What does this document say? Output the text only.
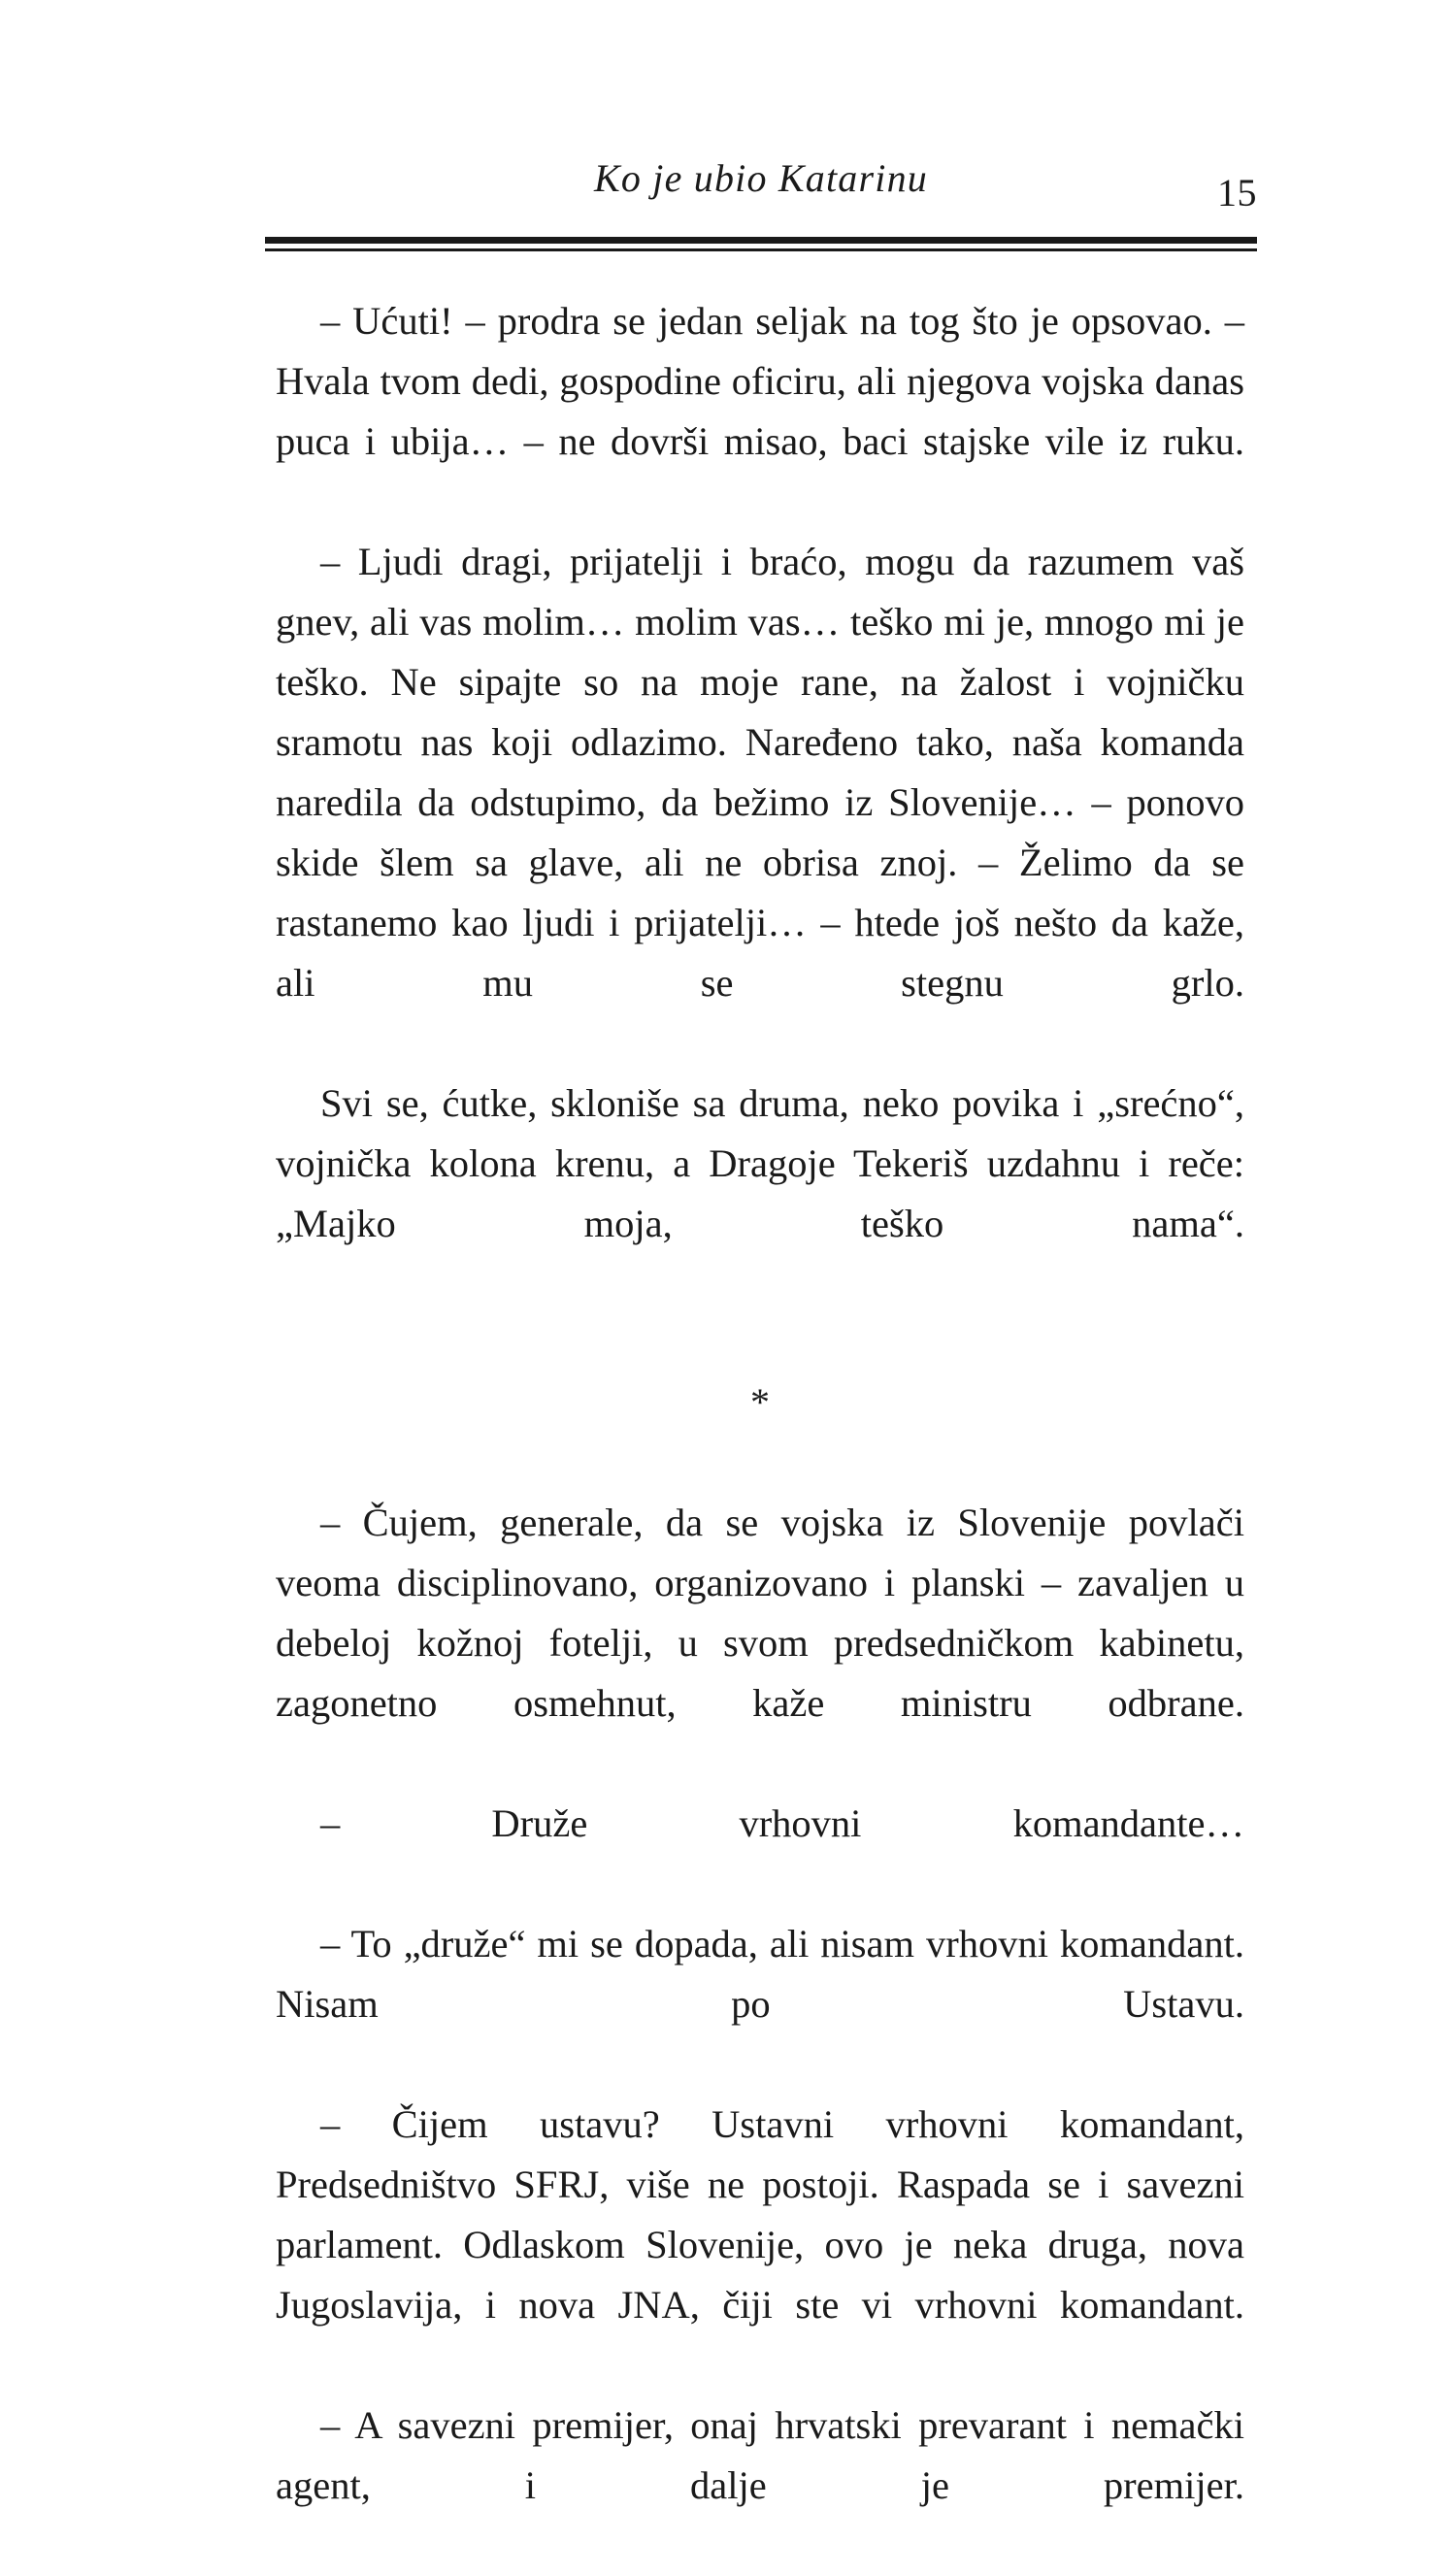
Ko je ubio Katarinu	15

– Ućuti! – prodra se jedan seljak na tog što je opsovao. – Hvala tvom dedi, gospodine oficiru, ali njegova vojska danas puca i ubija… – ne dovrši misao, baci stajske vile iz ruku.

– Ljudi dragi, prijatelji i braćo, mogu da razumem vaš gnev, ali vas molim… molim vas… teško mi je, mnogo mi je teško. Ne sipajte so na moje rane, na žalost i vojničku sramotu nas koji odlazimo. Naređeno tako, naša komanda naredila da odstupimo, da bežimo iz Slovenije… – ponovo skide šlem sa glave, ali ne obrisa znoj. – Želimo da se rastanemo kao ljudi i prijatelji… – htede još nešto da kaže, ali mu se stegnu grlo.

Svi se, ćutke, skloniše sa druma, neko povika i „srećno“, vojnička kolona krenu, a Dragoje Tekeriš uzdahnu i reče: „Majko moja, teško nama“.

*

– Čujem, generale, da se vojska iz Slovenije povlači veoma disciplinovano, organizovano i planski – zavaljen u debeloj kožnoj fotelji, u svom predsedničkom kabinetu, zagonetno osmehnut, kaže ministru odbrane.

– Druže vrhovni komandante…

– To „druže“ mi se dopada, ali nisam vrhovni komandant. Nisam po Ustavu.

– Čijem ustavu? Ustavni vrhovni komandant, Predsedništvo SFRJ, više ne postoji. Raspada se i savezni parlament. Odlaskom Slovenije, ovo je neka druga, nova Jugoslavija, i nova JNA, čiji ste vi vrhovni komandant.

– A savezni premijer, onaj hrvatski prevarant i nemački agent, i dalje je premijer.
